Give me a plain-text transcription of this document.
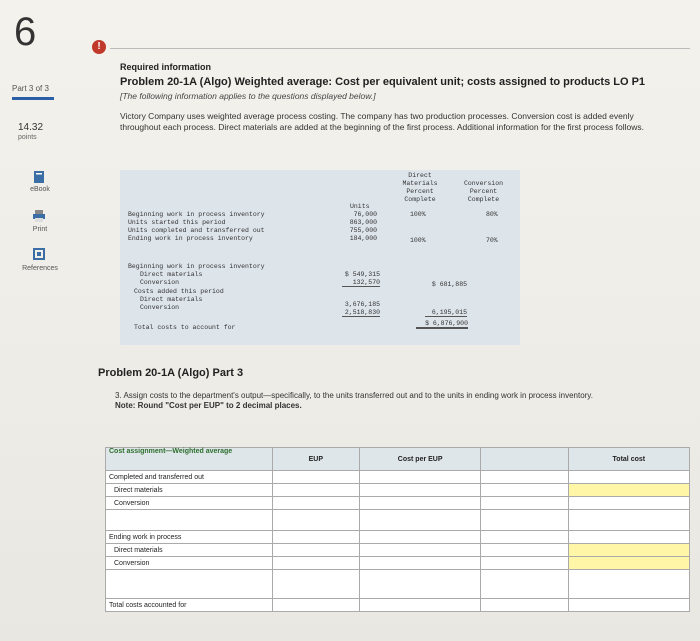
6
Part 3 of 3
14.32
points
eBook
Print
References
!

Required information

Problem 20-1A (Algo) Weighted average: Cost per equivalent unit; costs assigned to products LO P1

[The following information applies to the questions displayed below.]

Victory Company uses weighted average process costing. The company has two production processes. Conversion cost is added evenly throughout each process. Direct materials are added at the beginning of the first process. Additional information for the first process follows.

Direct
Materials
Percent
Complete
Conversion
Percent
Complete
Units
Beginning work in process inventory	76,000	100%	80%
Units started this period	863,000
Units completed and transferred out	755,000
Ending work in process inventory	184,000	100%	70%
Beginning work in process inventory
Direct materials	$ 549,315
Conversion	132,570	$ 681,885
Costs added this period
Direct materials
3,676,185
Conversion
2,518,830	6,195,015
Total costs to account for
$ 6,876,900
Problem 20-1A (Algo) Part 3
3. Assign costs to the department's output—specifically, to the units transferred out and to the units in ending work in process inventory.
Note: Round "Cost per EUP" to 2 decimal places.
Cost assignment—Weighted average	EUP	Cost per EUP		Total cost
Completed and transferred out				
Direct materials				
Conversion				

Ending work in process				
Direct materials				
Conversion				

Total costs accounted for				
